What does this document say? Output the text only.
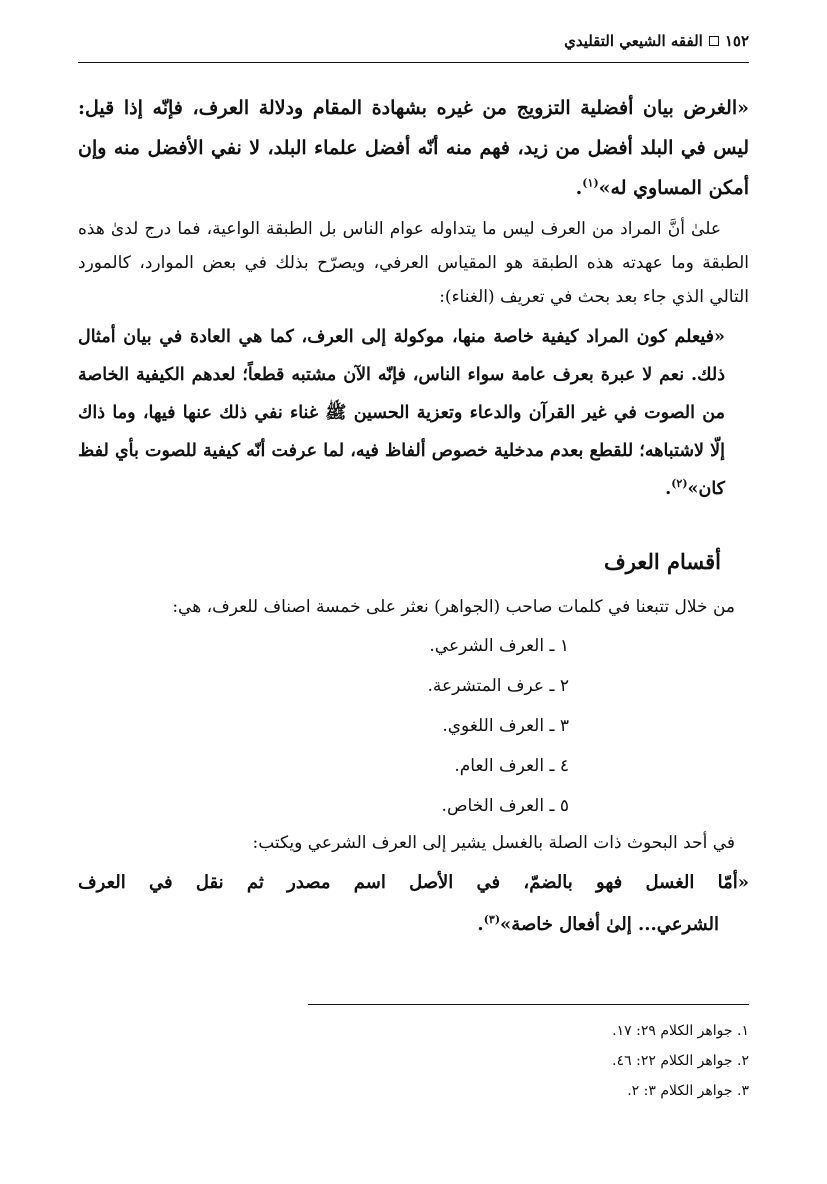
١٥٢
الفقه الشيعي التقليدي

«الغرض بيان أفضلية التزويج من غيره بشهادة المقام ودلالة العرف، فإنّه إذا قيل: ليس في البلد أفضل من زيد، فهم منه أنّه أفضل علماء البلد، لا نفي الأفضل منه وإن أمكن المساوي له»$^{(١)}$.

علىٰ أنَّ المراد من العرف ليس ما يتداوله عوام الناس بل الطبقة الواعية، فما درج لدىٰ هذه الطبقة وما عهدته هذه الطبقة هو المقياس العرفي، ويصرّح بذلك في بعض الموارد، كالمورد التالي الذي جاء بعد بحث في تعريف (الغناء):

«فيعلم كون المراد كيفية خاصة منها، موكولة إلى العرف، كما هي العادة في بيان أمثال ذلك. نعم لا عبرة بعرف عامة سواء الناس، فإنّه الآن مشتبه قطعاً؛ لعدهم الكيفية الخاصة من الصوت في غير القرآن والدعاء وتعزية الحسين ﷺ غناء نفي ذلك عنها فيها، وما ذاك إلّا لاشتباهه؛ للقطع بعدم مدخلية خصوص ألفاظ فيه، لما عرفت أنّه كيفية للصوت بأي لفظ كان»$^{(٢)}$.

أقسام العرف

من خلال تتبعنا في كلمات صاحب (الجواهر) نعثر على خمسة اصناف للعرف، هي:

١ ـ العرف الشرعي.
٢ ـ عرف المتشرعة.
٣ ـ العرف اللغوي.
٤ ـ العرف العام.
٥ ـ العرف الخاص.

في أحد البحوث ذات الصلة بالغسل يشير إلى العرف الشرعي ويكتب:

«أمّا الغسل فهو بالضمّ، في الأصل اسم مصدر ثم نقل في العرف
الشرعي... إلىٰ أفعال خاصة»$^{(٣)}$.
١. جواهر الكلام ٢٩: ١٧.
٢. جواهر الكلام ٢٢: ٤٦.
٣. جواهر الكلام ٣: ٢.
